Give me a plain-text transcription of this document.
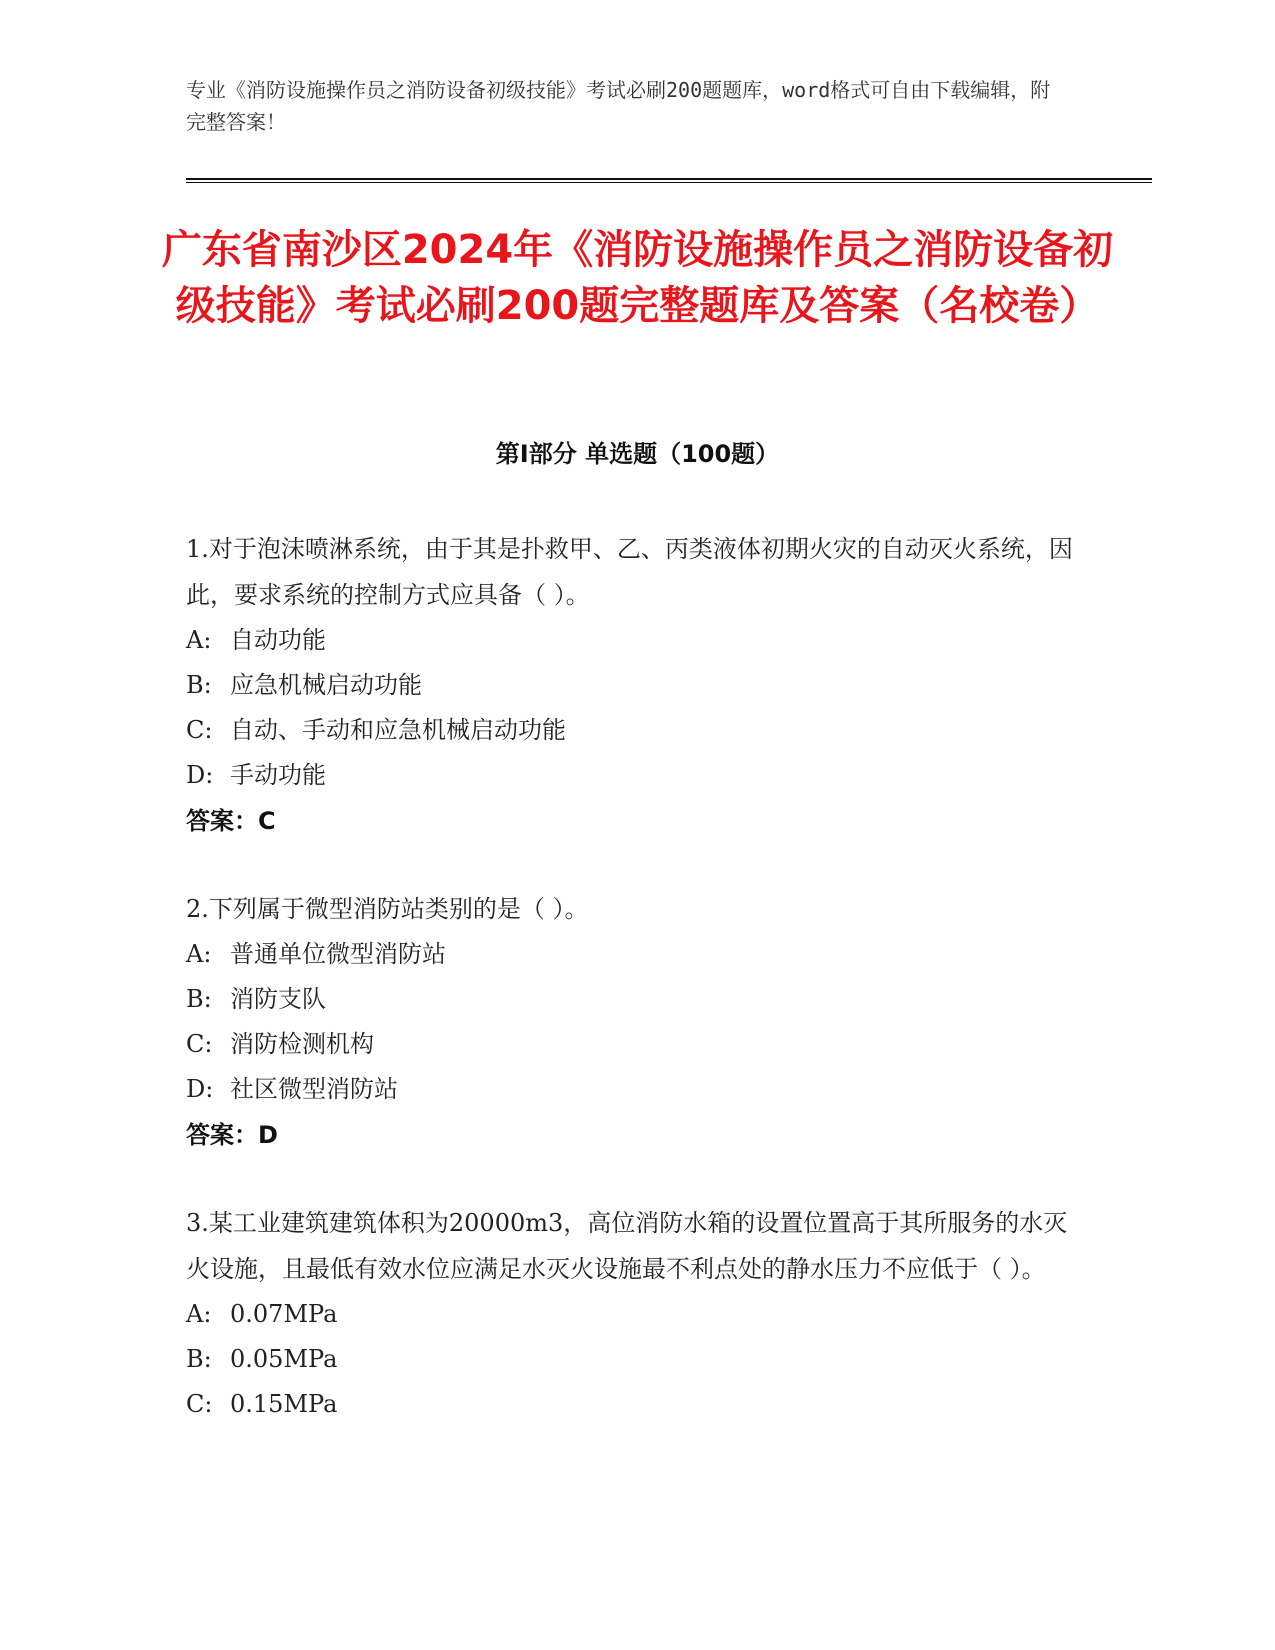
专业《消防设施操作员之消防设备初级技能》考试必刷200题题库，word格式可自由下载编辑，附完整答案！
广东省南沙区2024年《消防设施操作员之消防设备初级技能》考试必刷200题完整题库及答案（名校卷）
第Ⅰ部分 单选题（100题）
1.对于泡沫喷淋系统，由于其是扑救甲、乙、丙类液体初期火灾的自动灭火系统，因此，要求系统的控制方式应具备（ ）。
A: 自动功能
B: 应急机械启动功能
C: 自动、手动和应急机械启动功能
D: 手动功能
答案：C
2.下列属于微型消防站类别的是（ ）。
A: 普通单位微型消防站
B: 消防支队
C: 消防检测机构
D: 社区微型消防站
答案：D
3.某工业建筑建筑体积为20000m3，高位消防水箱的设置位置高于其所服务的水灭火设施，且最低有效水位应满足水灭火设施最不利点处的静水压力不应低于（ ）。
A: 0.07MPa
B: 0.05MPa
C: 0.15MPa
